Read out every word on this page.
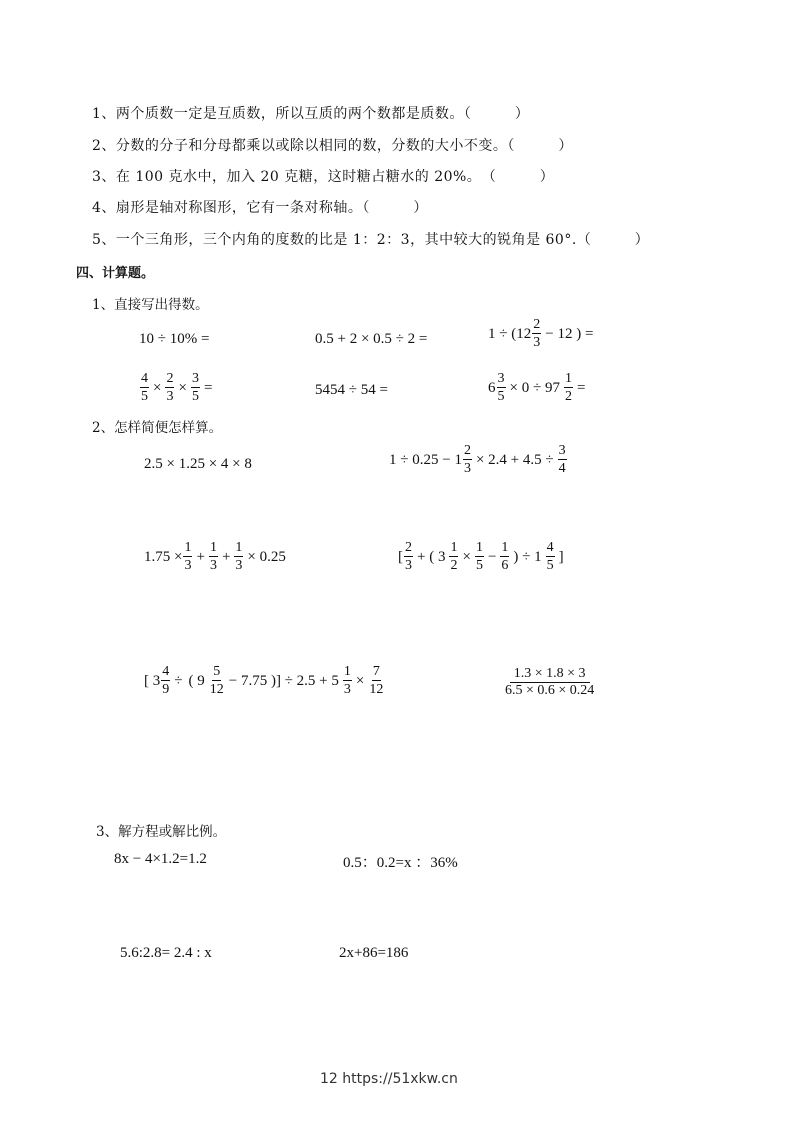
1、两个质数一定是互质数，所以互质的两个数都是质数。（　　　）
2、分数的分子和分母都乘以或除以相同的数，分数的大小不变。（　　　）
3、在 100 克水中，加入 20 克糖，这时糖占糖水的 20%。　（　　　）
4、扇形是轴对称图形，它有一条对称轴。（　　　）
5、一个三角形，三个内角的度数的比是 1：2：3，其中较大的锐角是 60°.（　　　）
四、计算题。
1、直接写出得数。
10 ÷ 10% =	0.5 + 2 × 0.5 ÷ 2 =	$1 \div (12 \frac{2}{3} - 12$ ) =
$\frac{4}{5} \times \frac{2}{3} \times \frac{3}{5}$ =	5454 ÷ 54 =	$6 \frac{3}{5} \times 0 \div 97 \frac{1}{2}$ =
2、怎样简便怎样算。
2.5 × 1.25 × 4 × 8	$1 \div 0.25 - 1 \frac{2}{3} \times 2.4 + 4.5 \div \frac{3}{4}$
$1.75 \times \frac{1}{3} + \frac{1}{3} + \frac{1}{3} \times 0.25$	[ $\frac{2}{3}$ + ( $3 \frac{1}{2} \times \frac{1}{5} - \frac{1}{6}$ ) ÷ $1 \frac{4}{5}$ ]
[ $3 \frac{4}{9}$ ÷ ( $9 \frac{5}{12} - 7.75$ )] ÷ $2.5 + 5 \frac{1}{3} \times \frac{7}{12}$	$\frac{1.3 \times 1.8 \times 3}{6.5 \times 0.6 \times 0.24}$
3、解方程或解比例。
8x − 4×1.2=1.2	0.5：0.2=x ：36%
5.6:2.8= 2.4 : x	2x+86=186
12 https://51xkw.cn
